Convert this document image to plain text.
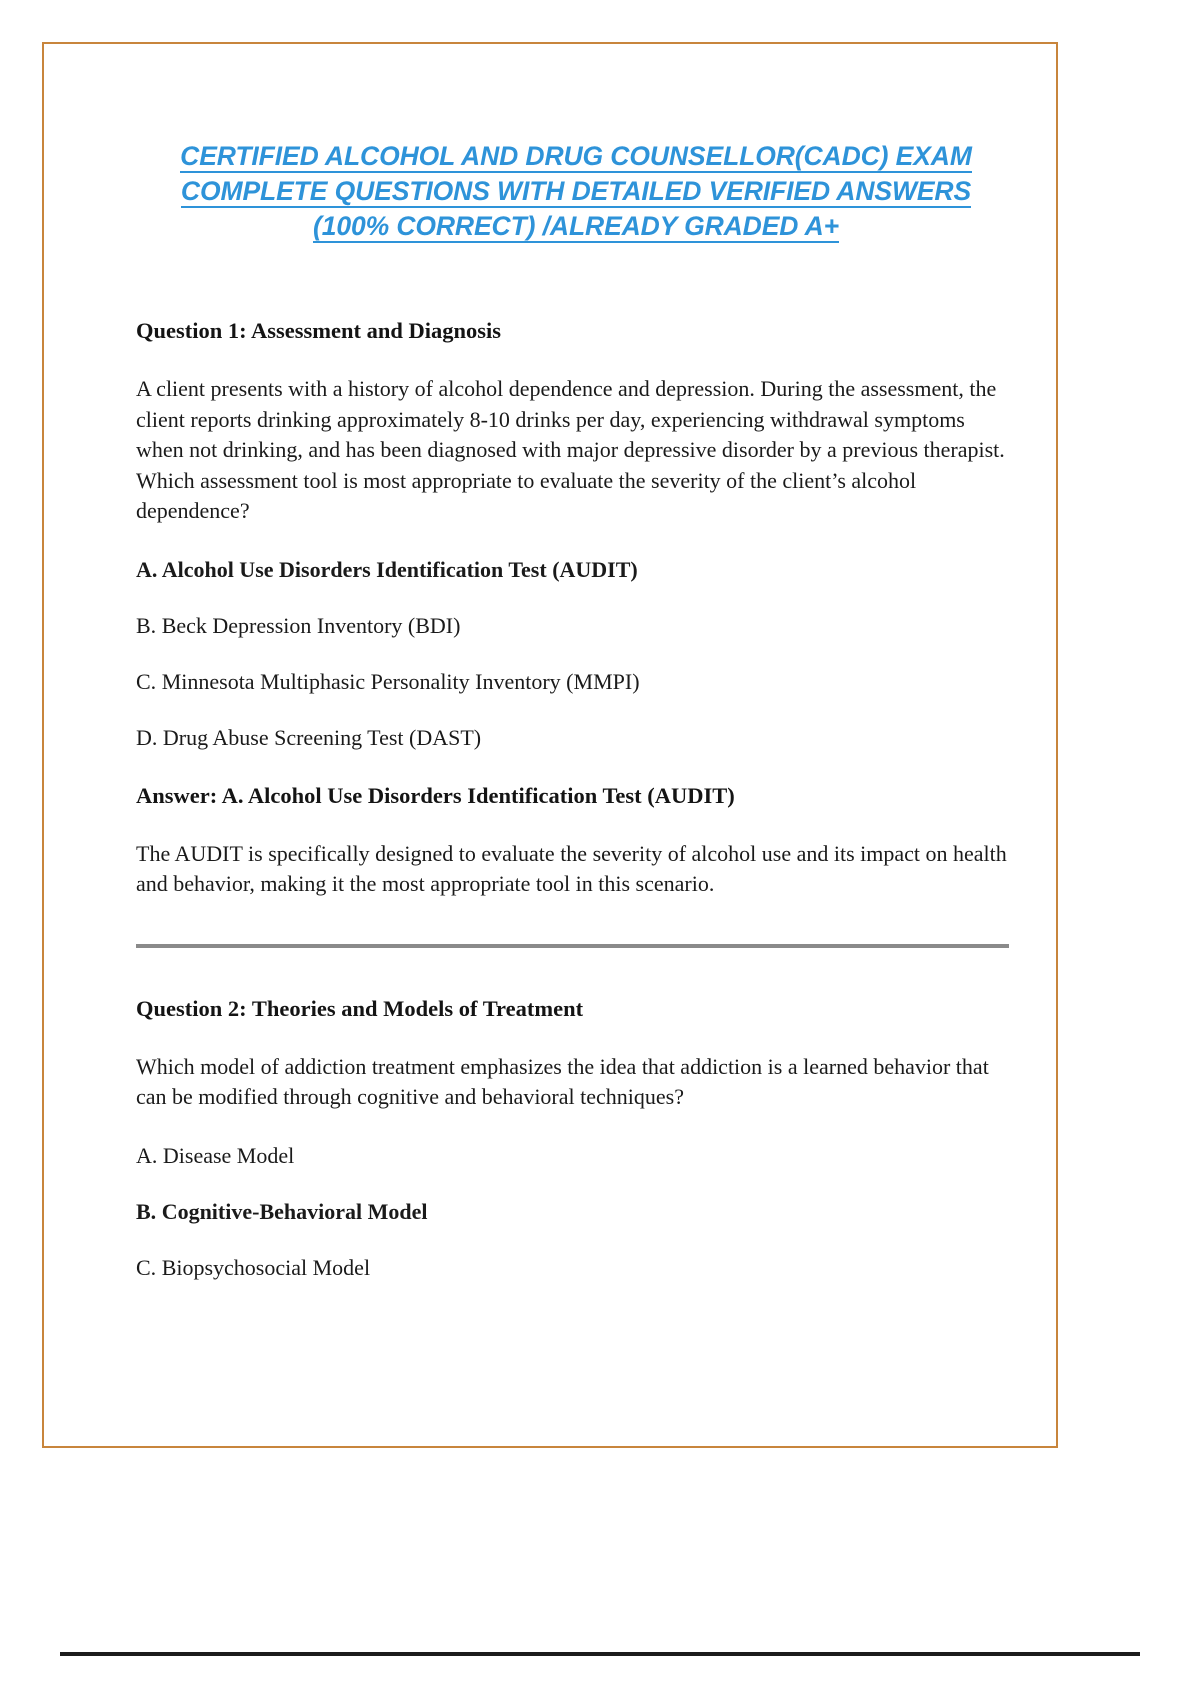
CERTIFIED ALCOHOL AND DRUG COUNSELLOR(CADC) EXAM
COMPLETE QUESTIONS WITH DETAILED VERIFIED ANSWERS
(100% CORRECT) /ALREADY GRADED A+

Question 1: Assessment and Diagnosis

A client presents with a history of alcohol dependence and depression. During the assessment, the client reports drinking approximately 8-10 drinks per day, experiencing withdrawal symptoms when not drinking, and has been diagnosed with major depressive disorder by a previous therapist. Which assessment tool is most appropriate to evaluate the severity of the client’s alcohol dependence?

A. Alcohol Use Disorders Identification Test (AUDIT)

B. Beck Depression Inventory (BDI)

C. Minnesota Multiphasic Personality Inventory (MMPI)

D. Drug Abuse Screening Test (DAST)

Answer: A. Alcohol Use Disorders Identification Test (AUDIT)

The AUDIT is specifically designed to evaluate the severity of alcohol use and its impact on health and behavior, making it the most appropriate tool in this scenario.

Question 2: Theories and Models of Treatment

Which model of addiction treatment emphasizes the idea that addiction is a learned behavior that can be modified through cognitive and behavioral techniques?

A. Disease Model

B. Cognitive-Behavioral Model

C. Biopsychosocial Model
